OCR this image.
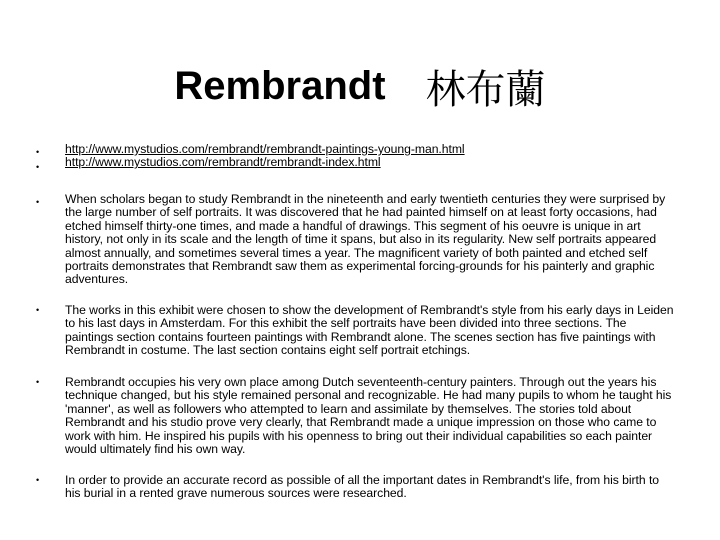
Rembrandt 林布蘭
•
•
http://www.mystudios.com/rembrandt/rembrandt-paintings-young-man.html
http://www.mystudios.com/rembrandt/rembrandt-index.html
•
•
•
•

When scholars began to study Rembrandt in the nineteenth and early twentieth centuries they were surprised by the large number of self portraits. It was discovered that he had painted himself on at least forty occasions, had etched himself thirty-one times, and made a handful of drawings. This segment of his oeuvre is unique in art history, not only in its scale and the length of time it spans, but also in its regularity. New self portraits appeared almost annually, and sometimes several times a year. The magnificent variety of both painted and etched self portraits demonstrates that Rembrandt saw them as experimental forcing-grounds for his painterly and graphic adventures.

The works in this exhibit were chosen to show the development of Rembrandt's style from his early days in Leiden to his last days in Amsterdam. For this exhibit the self portraits have been divided into three sections. The paintings section contains fourteen paintings with Rembrandt alone. The scenes section has five paintings with Rembrandt in costume. The last section contains eight self portrait etchings.

Rembrandt occupies his very own place among Dutch seventeenth-century painters. Through out the years his technique changed, but his style remained personal and recognizable. He had many pupils to whom he taught his 'manner', as well as followers who attempted to learn and assimilate by themselves. The stories told about Rembrandt and his studio prove very clearly, that Rembrandt made a unique impression on those who came to work with him. He inspired his pupils with his openness to bring out their individual capabilities so each painter would ultimately find his own way.

In order to provide an accurate record as possible of all the important dates in Rembrandt's life, from his birth to his burial in a rented grave numerous sources were researched.
